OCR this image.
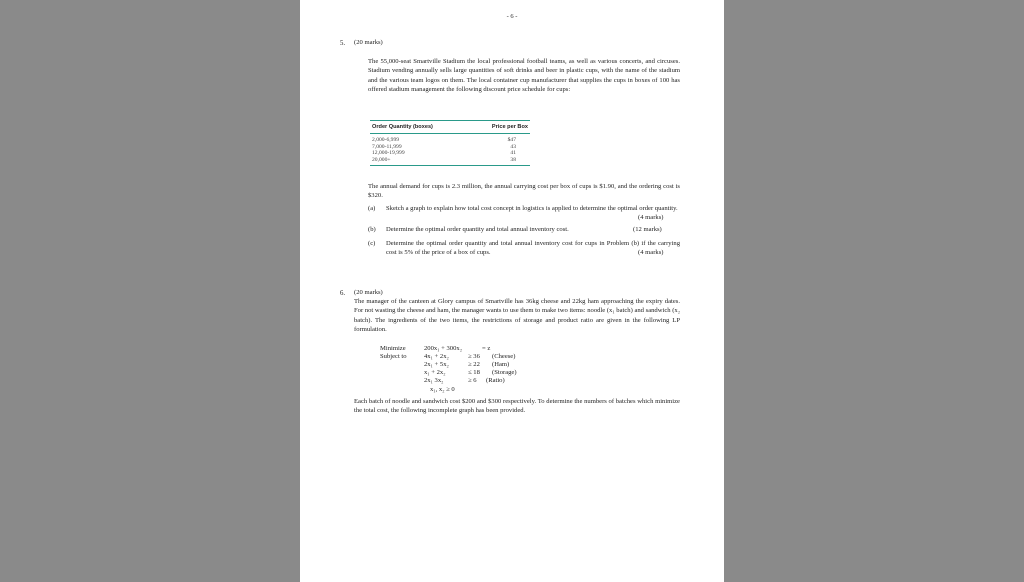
- 6 -
5. (20 marks)
The 55,000-seat Smartville Stadium the local professional football teams, as well as various concerts, and circuses. Stadium vending annually sells large quantities of soft drinks and beer in plastic cups, with the name of the stadium and the various team logos on them. The local container cup manufacturer that supplies the cups in boxes of 100 has offered stadium management the following discount price schedule for cups:
Order Quantity (boxes)	Price per Box
2,000-6,999	$47
7,000-11,999	43
12,000-19,999	41
20,000+	38
The annual demand for cups is 2.3 million, the annual carrying cost per box of cups is $1.90, and the ordering cost is $320.
(a) Sketch a graph to explain how total cost concept in logistics is applied to determine the optimal order quantity.
(4 marks)
(b) Determine the optimal order quantity and total annual inventory cost.	(12 marks)
(c) Determine the optimal order quantity and total annual inventory cost for cups in Problem (b) if the carrying cost is 5% of the price of a box of cups.	(4 marks)
6. (20 marks)
The manager of the canteen at Glory campus of Smartville has 36kg cheese and 22kg ham approaching the expiry dates. For not wasting the cheese and ham, the manager wants to use them to make two items: noodle (x₁ batch) and sandwich (x₂ batch). The ingredients of the two items, the restrictions of storage and product ratio are given in the following LP formulation.
Minimize
Subject to
200x₁ + 300x₂	= z
4x₁ + 2x₂	≥ 36 (Cheese)
2x₁ + 5x₂	≥ 22 (Ham)
x₁ + 2x₂	≤ 18 (Storage)
2x₁ 3x₂	≥ 6 (Ratio)
x₁, x₂ ≥ 0
Each batch of noodle and sandwich cost $200 and $300 respectively. To determine the numbers of batches which minimize the total cost, the following incomplete graph has been provided.
